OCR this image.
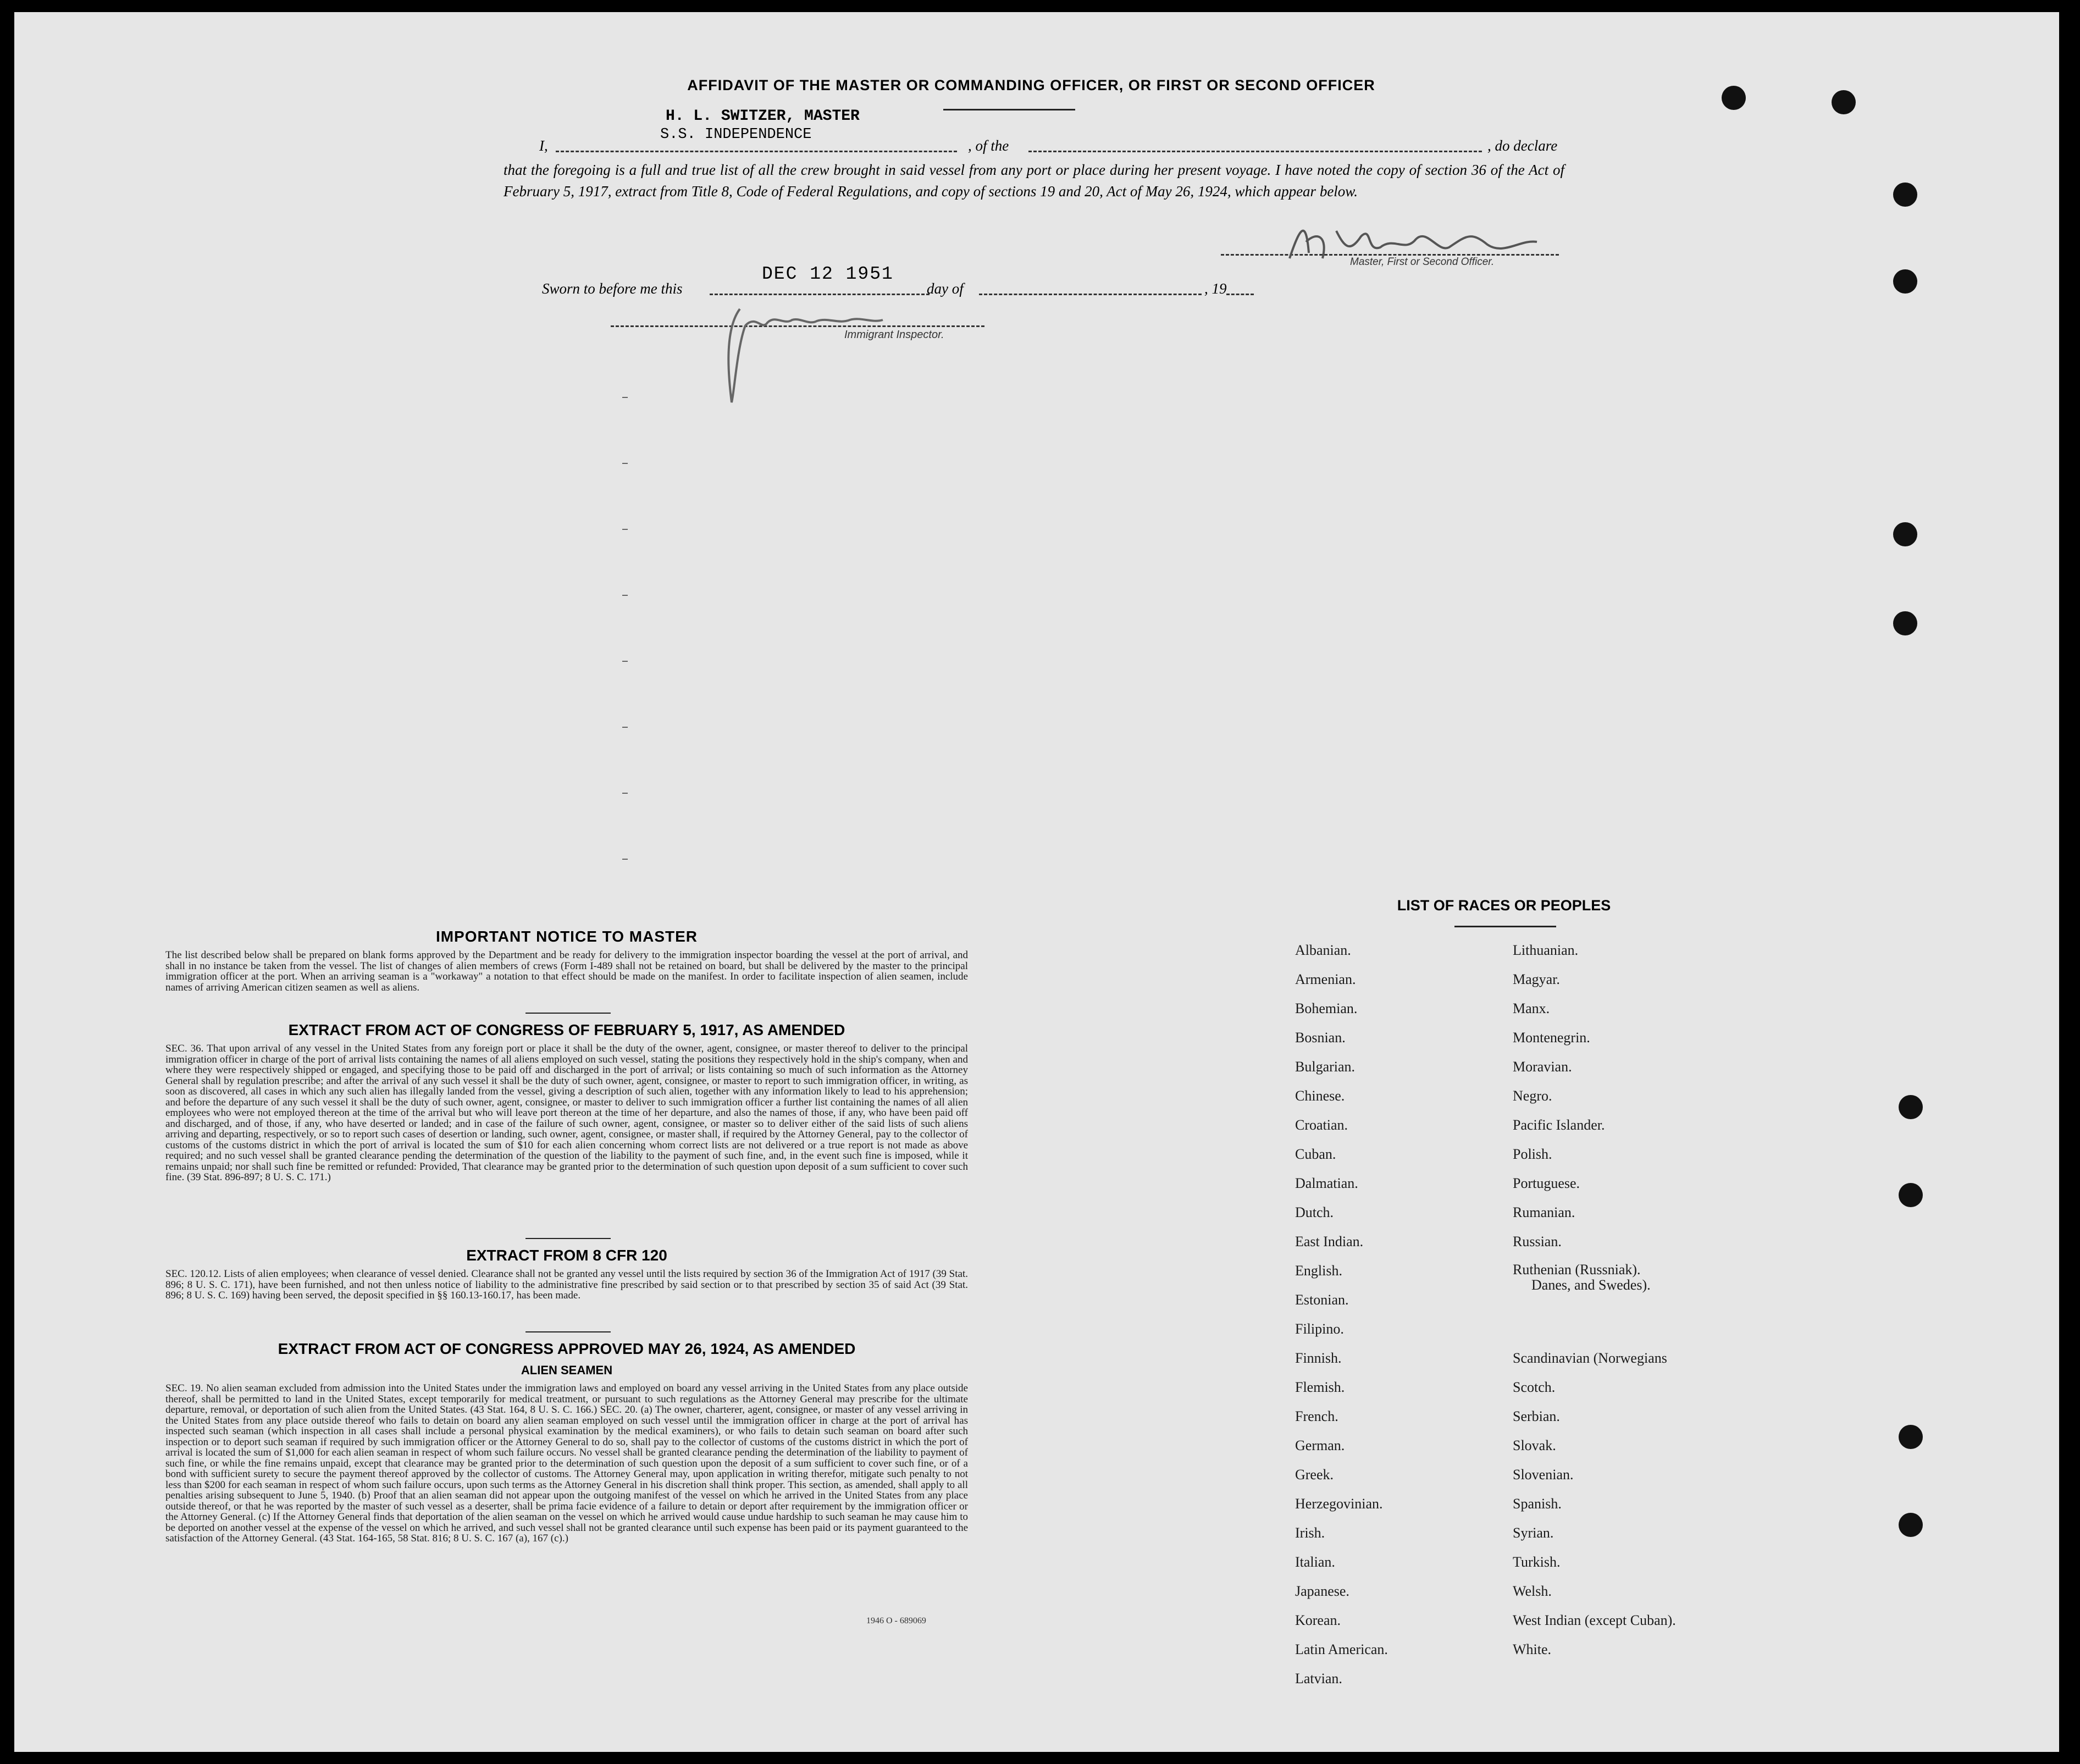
AFFIDAVIT OF THE MASTER OR COMMANDING OFFICER, OR FIRST OR SECOND OFFICER
H. L. SWITZER, MASTER
S.S. INDEPENDENCE
I,	, of the	, do declare
that the foregoing is a full and true list of all the crew brought in said vessel from any port or place during her present voyage. I have noted the copy of section 36 of the Act of February 5, 1917, extract from Title 8, Code of Federal Regulations, and copy of sections 19 and 20, Act of May 26, 1924, which appear below.
Master, First or Second Officer.
Sworn to before me this
DEC 12 1951
day of	, 19
Immigrant Inspector.
IMPORTANT NOTICE TO MASTER
The list described below shall be prepared on blank forms approved by the Department and be ready for delivery to the immigration inspector boarding the vessel at the port of arrival, and shall in no instance be taken from the vessel. The list of changes of alien members of crews (Form I-489 shall not be retained on board, but shall be delivered by the master to the principal immigration officer at the port. When an arriving seaman is a "workaway" a notation to that effect should be made on the manifest. In order to facilitate inspection of alien seamen, include names of arriving American citizen seamen as well as aliens.
EXTRACT FROM ACT OF CONGRESS OF FEBRUARY 5, 1917, AS AMENDED
SEC. 36. That upon arrival of any vessel in the United States from any foreign port or place it shall be the duty of the owner, agent, consignee, or master thereof to deliver to the principal immigration officer in charge of the port of arrival lists containing the names of all aliens employed on such vessel, stating the positions they respectively hold in the ship's company, when and where they were respectively shipped or engaged, and specifying those to be paid off and discharged in the port of arrival; or lists containing so much of such information as the Attorney General shall by regulation prescribe; and after the arrival of any such vessel it shall be the duty of such owner, agent, consignee, or master to report to such immigration officer, in writing, as soon as discovered, all cases in which any such alien has illegally landed from the vessel, giving a description of such alien, together with any information likely to lead to his apprehension; and before the departure of any such vessel it shall be the duty of such owner, agent, consignee, or master to deliver to such immigration officer a further list containing the names of all alien employees who were not employed thereon at the time of the arrival but who will leave port thereon at the time of her departure, and also the names of those, if any, who have been paid off and discharged, and of those, if any, who have deserted or landed; and in case of the failure of such owner, agent, consignee, or master so to deliver either of the said lists of such aliens arriving and departing, respectively, or so to report such cases of desertion or landing, such owner, agent, consignee, or master shall, if required by the Attorney General, pay to the collector of customs of the customs district in which the port of arrival is located the sum of $10 for each alien concerning whom correct lists are not delivered or a true report is not made as above required; and no such vessel shall be granted clearance pending the determination of the question of the liability to the payment of such fine, and, in the event such fine is imposed, while it remains unpaid; nor shall such fine be remitted or refunded: Provided, That clearance may be granted prior to the determination of such question upon deposit of a sum sufficient to cover such fine. (39 Stat. 896-897; 8 U. S. C. 171.)
EXTRACT FROM 8 CFR 120
SEC. 120.12. Lists of alien employees; when clearance of vessel denied. Clearance shall not be granted any vessel until the lists required by section 36 of the Immigration Act of 1917 (39 Stat. 896; 8 U. S. C. 171), have been furnished, and not then unless notice of liability to the administrative fine prescribed by said section or to that prescribed by section 35 of said Act (39 Stat. 896; 8 U. S. C. 169) having been served, the deposit specified in §§ 160.13-160.17, has been made.
EXTRACT FROM ACT OF CONGRESS APPROVED MAY 26, 1924, AS AMENDED
ALIEN SEAMEN
SEC. 19. No alien seaman excluded from admission into the United States under the immigration laws and employed on board any vessel arriving in the United States from any place outside thereof, shall be permitted to land in the United States, except temporarily for medical treatment, or pursuant to such regulations as the Attorney General may prescribe for the ultimate departure, removal, or deportation of such alien from the United States. (43 Stat. 164, 8 U. S. C. 166.) SEC. 20. (a) The owner, charterer, agent, consignee, or master of any vessel arriving in the United States from any place outside thereof who fails to detain on board any alien seaman employed on such vessel until the immigration officer in charge at the port of arrival has inspected such seaman (which inspection in all cases shall include a personal physical examination by the medical examiners), or who fails to detain such seaman on board after such inspection or to deport such seaman if required by such immigration officer or the Attorney General to do so, shall pay to the collector of customs of the customs district in which the port of arrival is located the sum of $1,000 for each alien seaman in respect of whom such failure occurs. No vessel shall be granted clearance pending the determination of the liability to payment of such fine, or while the fine remains unpaid, except that clearance may be granted prior to the determination of such question upon the deposit of a sum sufficient to cover such fine, or of a bond with sufficient surety to secure the payment thereof approved by the collector of customs. The Attorney General may, upon application in writing therefor, mitigate such penalty to not less than $200 for each seaman in respect of whom such failure occurs, upon such terms as the Attorney General in his discretion shall think proper. This section, as amended, shall apply to all penalties arising subsequent to June 5, 1940. (b) Proof that an alien seaman did not appear upon the outgoing manifest of the vessel on which he arrived in the United States from any place outside thereof, or that he was reported by the master of such vessel as a deserter, shall be prima facie evidence of a failure to detain or deport after requirement by the immigration officer or the Attorney General. (c) If the Attorney General finds that deportation of the alien seaman on the vessel on which he arrived would cause undue hardship to such seaman he may cause him to be deported on another vessel at the expense of the vessel on which he arrived, and such vessel shall not be granted clearance until such expense has been paid or its payment guaranteed to the satisfaction of the Attorney General. (43 Stat. 164-165, 58 Stat. 816; 8 U. S. C. 167 (a), 167 (c).)
1946 O - 689069
LIST OF RACES OR PEOPLES
Albanian.
Armenian.
Bohemian.
Bosnian.
Bulgarian.
Chinese.
Croatian.
Cuban.
Dalmatian.
Dutch.
East Indian.
English.
Estonian.
Filipino.
Finnish.
Flemish.
French.
German.
Greek.
Herzegovinian.
Irish.
Italian.
Japanese.
Korean.
Latin American.
Latvian.
Lithuanian.
Magyar.
Manx.
Montenegrin.
Moravian.
Negro.
Pacific Islander.
Polish.
Portuguese.
Rumanian.
Russian.
Ruthenian (Russniak).
Danes, and Swedes).
Scandinavian (Norwegians
Scotch.
Serbian.
Slovak.
Slovenian.
Spanish.
Syrian.
Turkish.
Welsh.
West Indian (except Cuban).
White.
